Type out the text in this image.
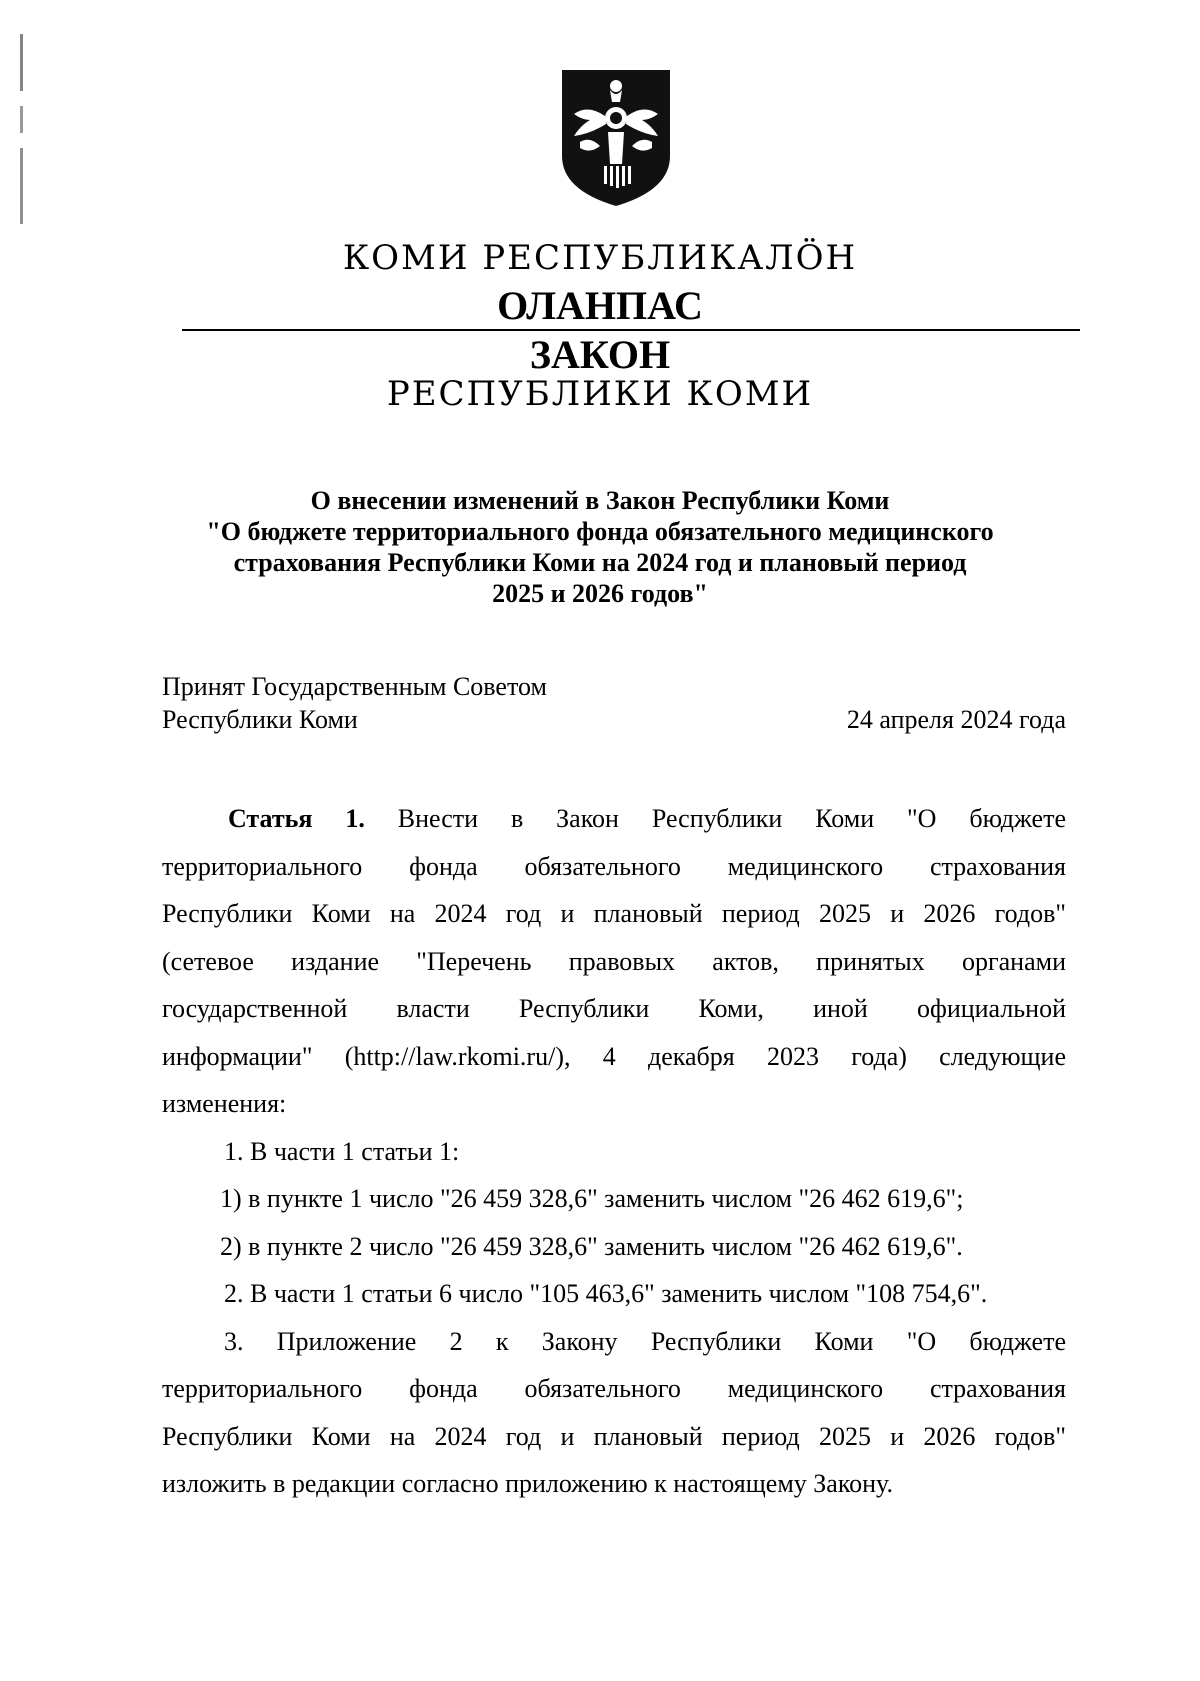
КОМИ РЕСПУБЛИКАЛӦН
ОЛАНПАС
ЗАКОН
РЕСПУБЛИКИ КОМИ
О внесении изменений в Закон Республики Коми
"О бюджете территориального фонда обязательного медицинского
страхования Республики Коми на 2024 год и плановый период
2025 и 2026 годов"
Принят Государственным Советом
Республики Коми	24 апреля 2024 года
Статья 1. Внести в Закон Республики Коми "О бюджете
территориального фонда обязательного медицинского страхования
Республики Коми на 2024 год и плановый период 2025 и 2026 годов"
(сетевое издание "Перечень правовых актов, принятых органами
государственной власти Республики Коми, иной официальной
информации" (http://law.rkomi.ru/), 4 декабря 2023 года) следующие
изменения:
1. В части 1 статьи 1:
1) в пункте 1 число "26 459 328,6" заменить числом "26 462 619,6";
2) в пункте 2 число "26 459 328,6" заменить числом "26 462 619,6".
2. В части 1 статьи 6 число "105 463,6" заменить числом "108 754,6".
3. Приложение 2 к Закону Республики Коми "О бюджете
территориального фонда обязательного медицинского страхования
Республики Коми на 2024 год и плановый период 2025 и 2026 годов"
изложить в редакции согласно приложению к настоящему Закону.
